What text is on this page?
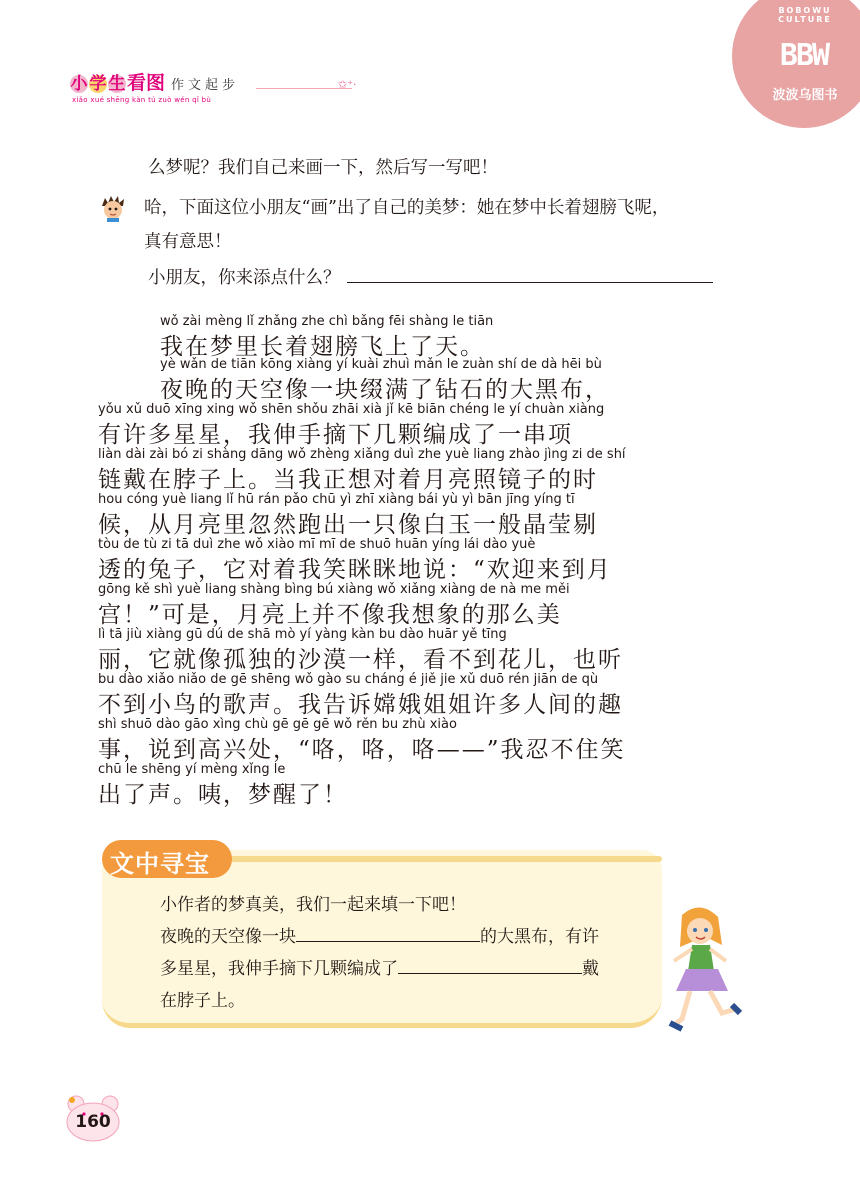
小 学 生看图 作文起步
xiǎo xué shēng kàn tú zuò wén qǐ bù
✩⁺·
BOBOWU CULTURE
BBW
波波乌图书
么梦呢？我们自己来画一下，然后写一写吧！
哈，下面这位小朋友“画”出了自己的美梦：她在梦中长着翅膀飞呢，
真有意思！
小朋友，你来添点什么？
wǒ zài mèng lǐ zhǎng zhe chì bǎng fēi shàng le tiān
我在梦里长着翅膀飞上了天。
yè wǎn de tiān kōng xiàng yí kuài zhuì mǎn le zuàn shí de dà hēi bù
夜晚的天空像一块缀满了钻石的大黑布，
yǒu xǔ duō xīng xing wǒ shēn shǒu zhāi xià jǐ kē biān chéng le yí chuàn xiàng
有许多星星，我伸手摘下几颗编成了一串项
liàn dài zài bó zi shàng dāng wǒ zhèng xiǎng duì zhe yuè liang zhào jìng zi de shí
链戴在脖子上。当我正想对着月亮照镜子的时
hou cóng yuè liang lǐ hū rán pǎo chū yì zhī xiàng bái yù yì bān jīng yíng tī
候，从月亮里忽然跑出一只像白玉一般晶莹剔
tòu de tù zi tā duì zhe wǒ xiào mī mī de shuō huān yíng lái dào yuè
透的兔子，它对着我笑眯眯地说：“欢迎来到月
gōng kě shì yuè liang shàng bìng bú xiàng wǒ xiǎng xiàng de nà me měi
宫！”可是，月亮上并不像我想象的那么美
lì tā jiù xiàng gū dú de shā mò yí yàng kàn bu dào huār yě tīng
丽，它就像孤独的沙漠一样，看不到花儿，也听
bu dào xiǎo niǎo de gē shēng wǒ gào su cháng é jiě jie xǔ duō rén jiān de qù
不到小鸟的歌声。我告诉嫦娥姐姐许多人间的趣
shì shuō dào gāo xìng chù gē gē gē wǒ rěn bu zhù xiào
事，说到高兴处，“咯，咯，咯——”我忍不住笑
chū le shēng yí mèng xǐng le
出了声。咦，梦醒了！
文中寻宝
小作者的梦真美，我们一起来填一下吧！
夜晚的天空像一块	的大黑布，有许
多星星，我伸手摘下几颗编成了	戴
在脖子上。
160
